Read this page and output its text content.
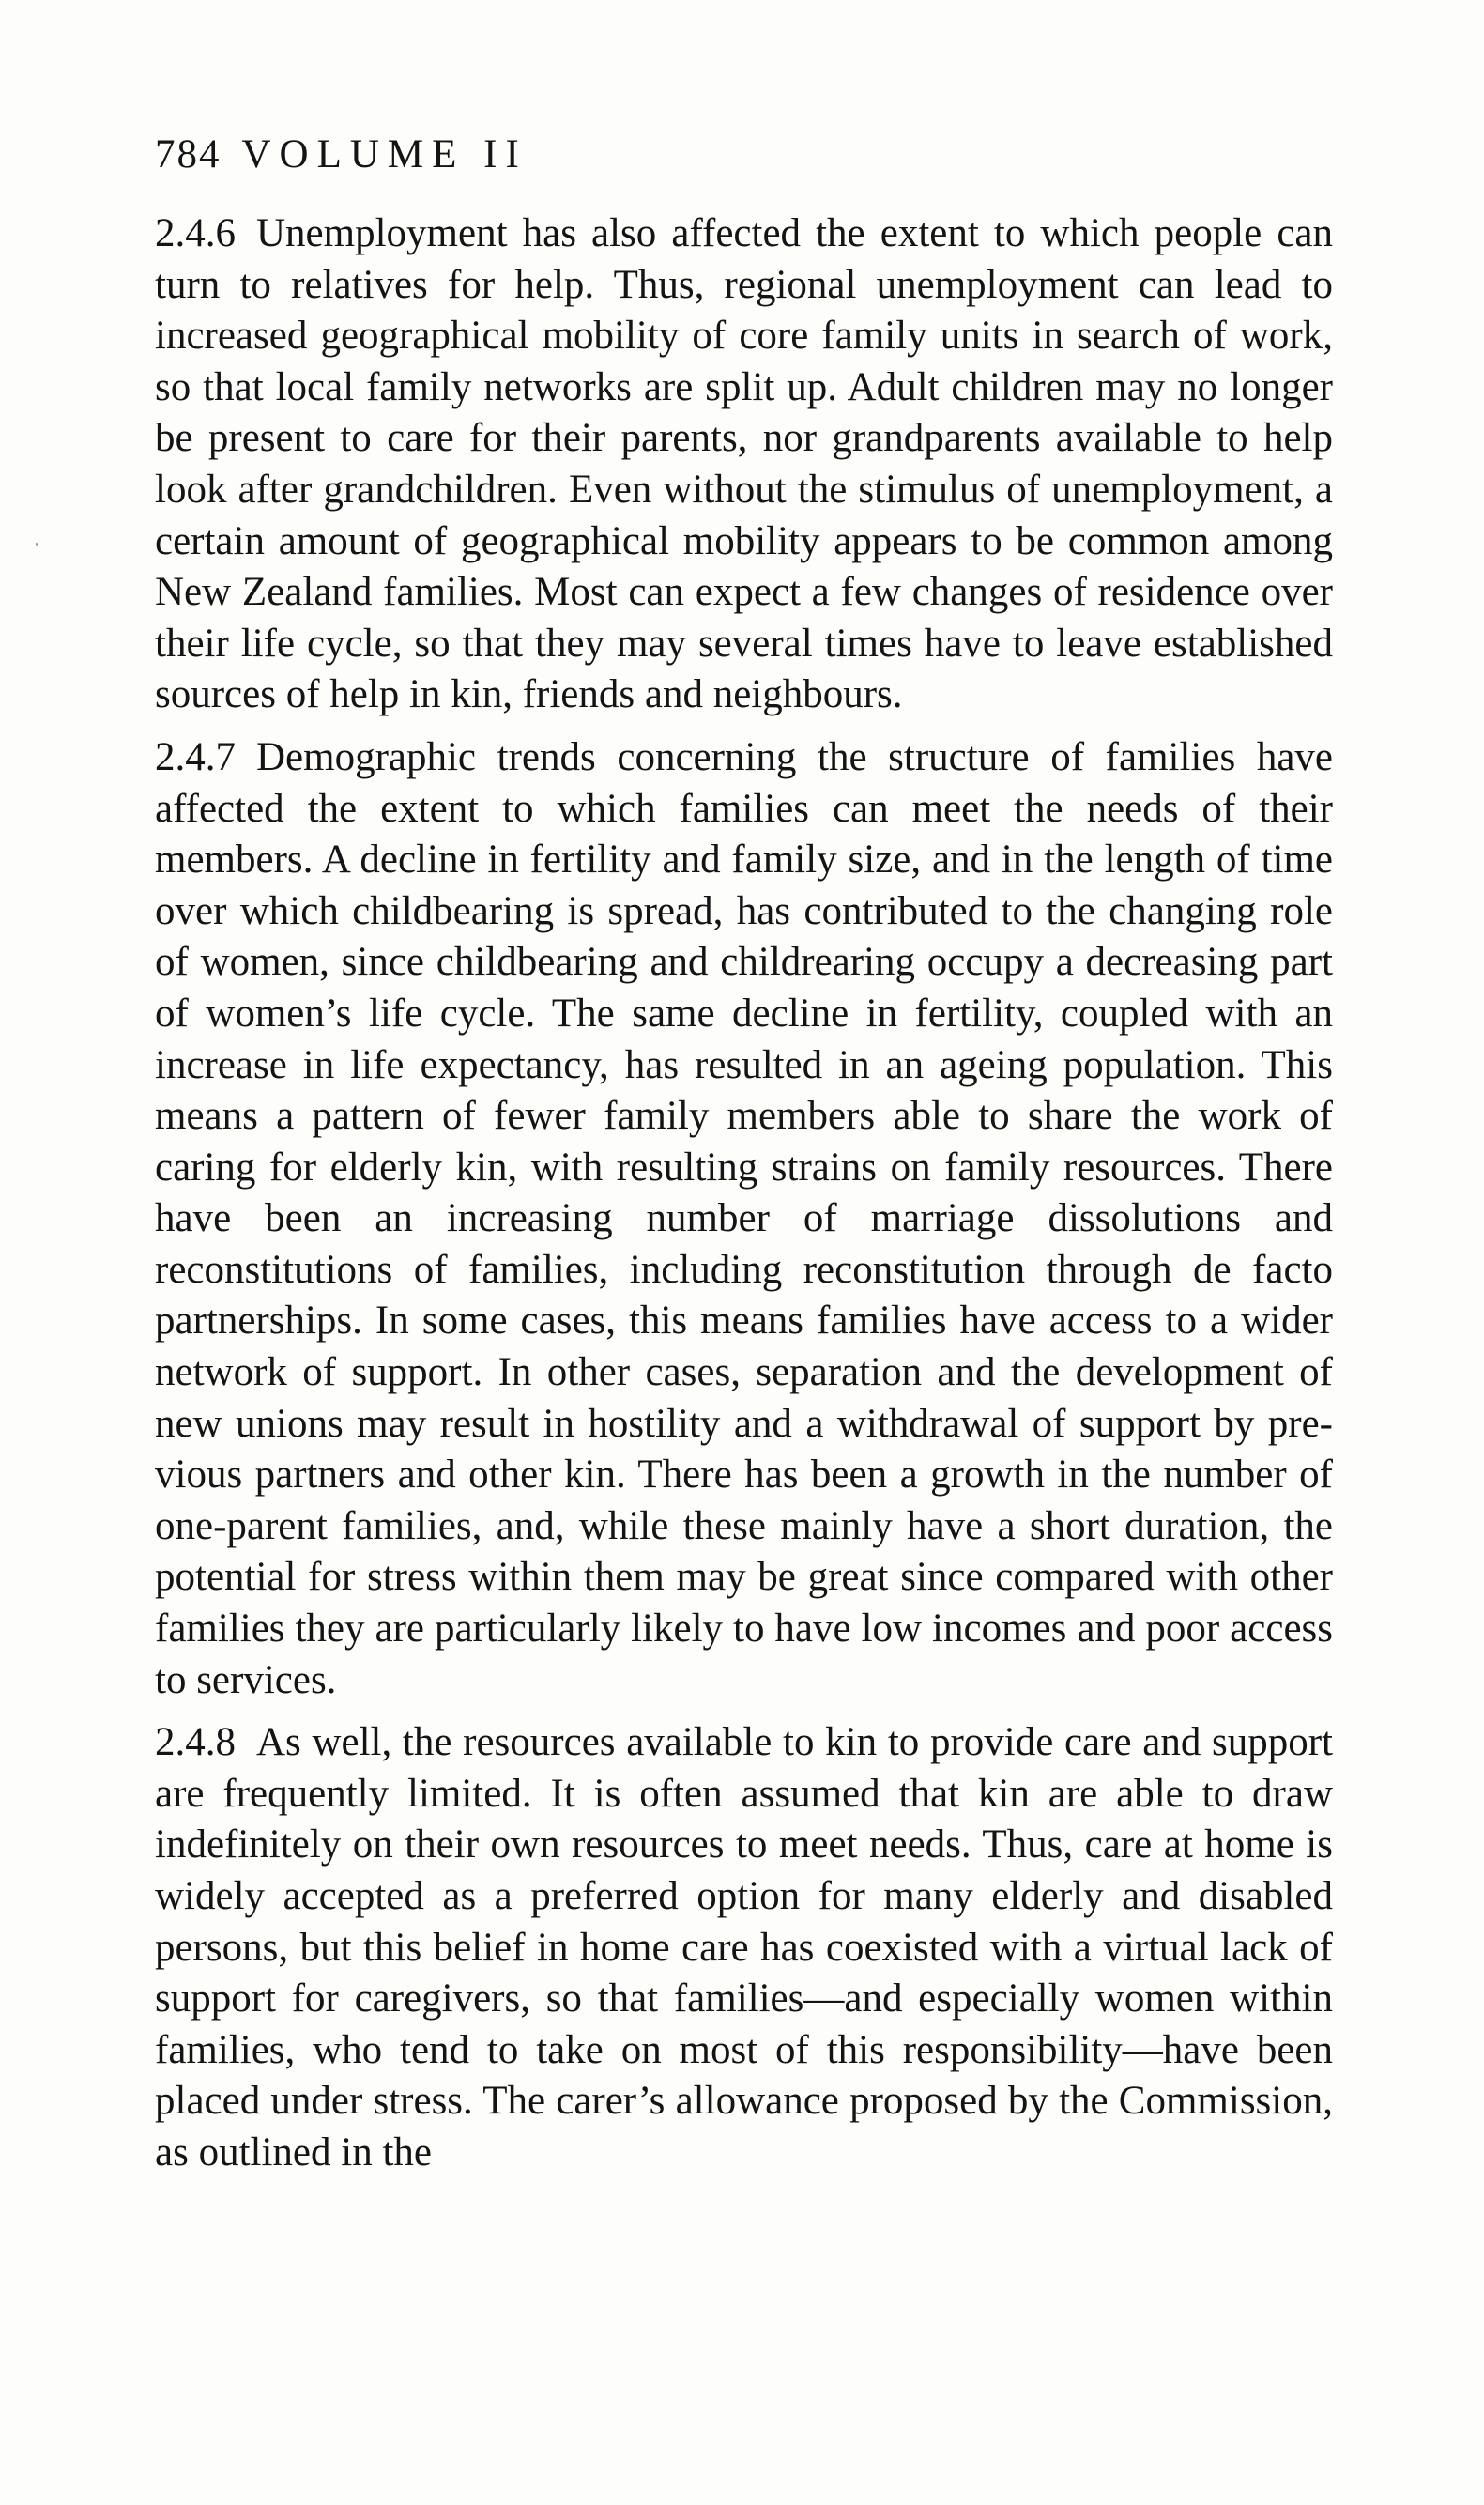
784 VOLUME II

2.4.6 Unemployment has also affected the extent to which people can turn to relatives for help. Thus, regional unemployment can lead to increased geographical mobility of core family units in search of work, so that local family networks are split up. Adult children may no longer be present to care for their parents, nor grandparents available to help look after grandchildren. Even without the stimulus of unemployment, a certain amount of geographical mobility appears to be common among New Zealand families. Most can expect a few changes of residence over their life cycle, so that they may several times have to leave established sources of help in kin, friends and neighbours.

2.4.7 Demographic trends concerning the structure of families have affected the extent to which families can meet the needs of their members. A decline in fertility and family size, and in the length of time over which childbearing is spread, has contributed to the changing role of women, since childbearing and childrearing occupy a decreasing part of women’s life cycle. The same decline in fertility, coupled with an increase in life expectancy, has resulted in an ageing population. This means a pattern of fewer family members able to share the work of caring for elderly kin, with resulting strains on family resources. There have been an increasing number of marriage dissolutions and reconstitutions of families, including reconstitution through de facto partnerships. In some cases, this means families have access to a wider network of support. In other cases, separation and the development of new unions may result in hostility and a withdrawal of support by previous partners and other kin. There has been a growth in the number of one-parent families, and, while these mainly have a short duration, the potential for stress within them may be great since compared with other families they are particularly likely to have low incomes and poor access to services.

2.4.8 As well, the resources available to kin to provide care and support are frequently limited. It is often assumed that kin are able to draw indefinitely on their own resources to meet needs. Thus, care at home is widely accepted as a preferred option for many elderly and disabled persons, but this belief in home care has coexisted with a virtual lack of support for caregivers, so that families—and especially women within families, who tend to take on most of this responsibility—have been placed under stress. The carer’s allowance proposed by the Commission, as outlined in the
